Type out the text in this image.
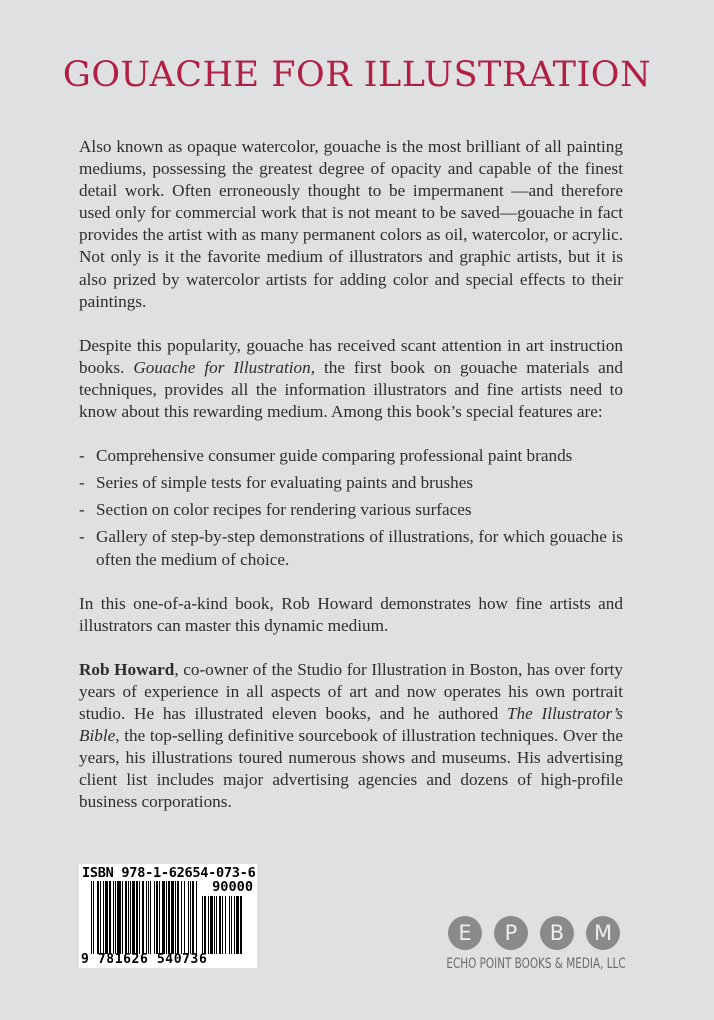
GOUACHE FOR ILLUSTRATION

Also known as opaque watercolor, gouache is the most brilliant of all painting mediums, possessing the greatest degree of opacity and capable of the finest detail work. Often erroneously thought to be impermanent —and therefore used only for commercial work that is not meant to be saved—gouache in fact provides the artist with as many permanent colors as oil, watercolor, or acrylic. Not only is it the favorite medium of illustrators and graphic artists, but it is also prized by watercolor artists for adding color and special effects to their paintings.

Despite this popularity, gouache has received scant attention in art instruction books. Gouache for Illustration, the first book on gouache materials and techniques, provides all the information illustrators and fine artists need to know about this rewarding medium. Among this book’s special features are:

- Comprehensive consumer guide comparing professional paint brands
- Series of simple tests for evaluating paints and brushes
- Section on color recipes for rendering various surfaces
- Gallery of step-by-step demonstrations of illustrations, for which gouache is often the medium of choice.

In this one-of-a-kind book, Rob Howard demonstrates how fine artists and illustrators can master this dynamic medium.

Rob Howard, co-owner of the Studio for Illustration in Boston, has over forty years of experience in all aspects of art and now operates his own portrait studio. He has illustrated eleven books, and he authored The Illustrator’s Bible, the top-selling definitive sourcebook of illustration techniques. Over the years, his illustrations toured numerous shows and museums. His advertising client list includes major advertising agencies and dozens of high-profile business corporations.

ISBN 978-1-62654-073-6
90000
9 781626 540736
E	P	B	M
ECHO POINT BOOKS & MEDIA, LLC
